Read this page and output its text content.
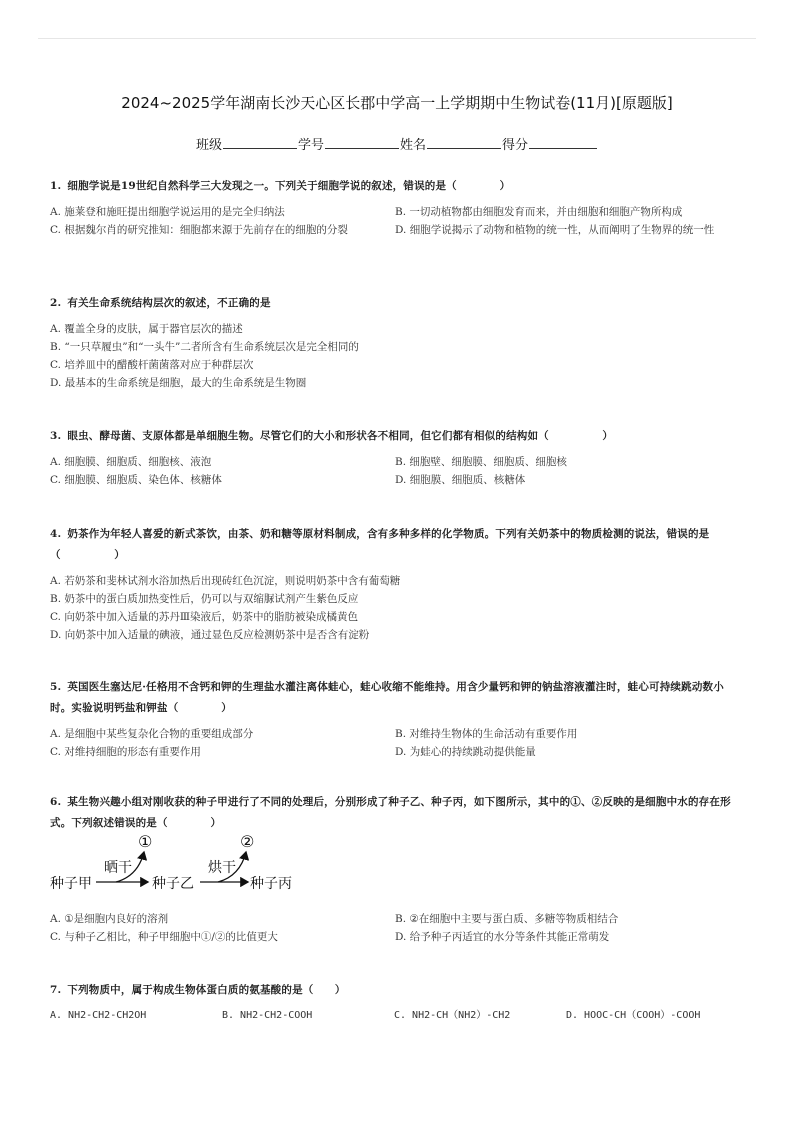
2024~2025学年湖南长沙天心区长郡中学高一上学期期中生物试卷(11月)[原题版]
班级	学号	姓名	得分
1. 细胞学说是19世纪自然科学三大发现之一。下列关于细胞学说的叙述，错误的是（　　　　）
A. 施莱登和施旺提出细胞学说运用的是完全归纳法	B. 一切动植物都由细胞发育而来，并由细胞和细胞产物所构成
C. 根据魏尔肖的研究推知：细胞都来源于先前存在的细胞的分裂	D. 细胞学说揭示了动物和植物的统一性，从而阐明了生物界的统一性
2. 有关生命系统结构层次的叙述，不正确的是
A. 覆盖全身的皮肤，属于器官层次的描述
B. “一只草履虫”和“一头牛”二者所含有生命系统层次是完全相同的
C. 培养皿中的醋酸杆菌菌落对应于种群层次
D. 最基本的生命系统是细胞，最大的生命系统是生物圈
3. 眼虫、酵母菌、支原体都是单细胞生物。尽管它们的大小和形状各不相同，但它们都有相似的结构如（　　　　　）
A. 细胞膜、细胞质、细胞核、液泡	B. 细胞壁、细胞膜、细胞质、细胞核
C. 细胞膜、细胞质、染色体、核糖体	D. 细胞膜、细胞质、核糖体
4. 奶茶作为年轻人喜爱的新式茶饮，由茶、奶和糖等原材料制成，含有多种多样的化学物质。下列有关奶茶中的物质检测的说法，错误的是（　　　　　）
A. 若奶茶和斐林试剂水浴加热后出现砖红色沉淀，则说明奶茶中含有葡萄糖
B. 奶茶中的蛋白质加热变性后，仍可以与双缩脲试剂产生紫色反应
C. 向奶茶中加入适量的苏丹Ⅲ染液后，奶茶中的脂肪被染成橘黄色
D. 向奶茶中加入适量的碘液，通过显色反应检测奶茶中是否含有淀粉
5. 英国医生塞达尼·任格用不含钙和钾的生理盐水灌注离体蛙心，蛙心收缩不能维持。用含少量钙和钾的钠盐溶液灌注时，蛙心可持续跳动数小时。实验说明钙盐和钾盐（　　　　）
A. 是细胞中某些复杂化合物的重要组成部分	B. 对维持生物体的生命活动有重要作用
C. 对维持细胞的形态有重要作用	D. 为蛙心的持续跳动提供能量
6. 某生物兴趣小组对刚收获的种子甲进行了不同的处理后，分别形成了种子乙、种子丙，如下图所示，其中的①、②反映的是细胞中水的存在形式。下列叙述错误的是（　　　　）
种子甲	种子乙	种子丙
晒干	烘干
①	②
A. ①是细胞内良好的溶剂	B. ②在细胞中主要与蛋白质、多糖等物质相结合
C. 与种子乙相比，种子甲细胞中①/②的比值更大	D. 给予种子丙适宜的水分等条件其能正常萌发
7. 下列物质中，属于构成生物体蛋白质的氨基酸的是（　　）
A. NH2-CH2-CH2OH	B. NH2-CH2-COOH	C. NH2-CH（NH2）-CH2	D. HOOC-CH（COOH）-COOH
